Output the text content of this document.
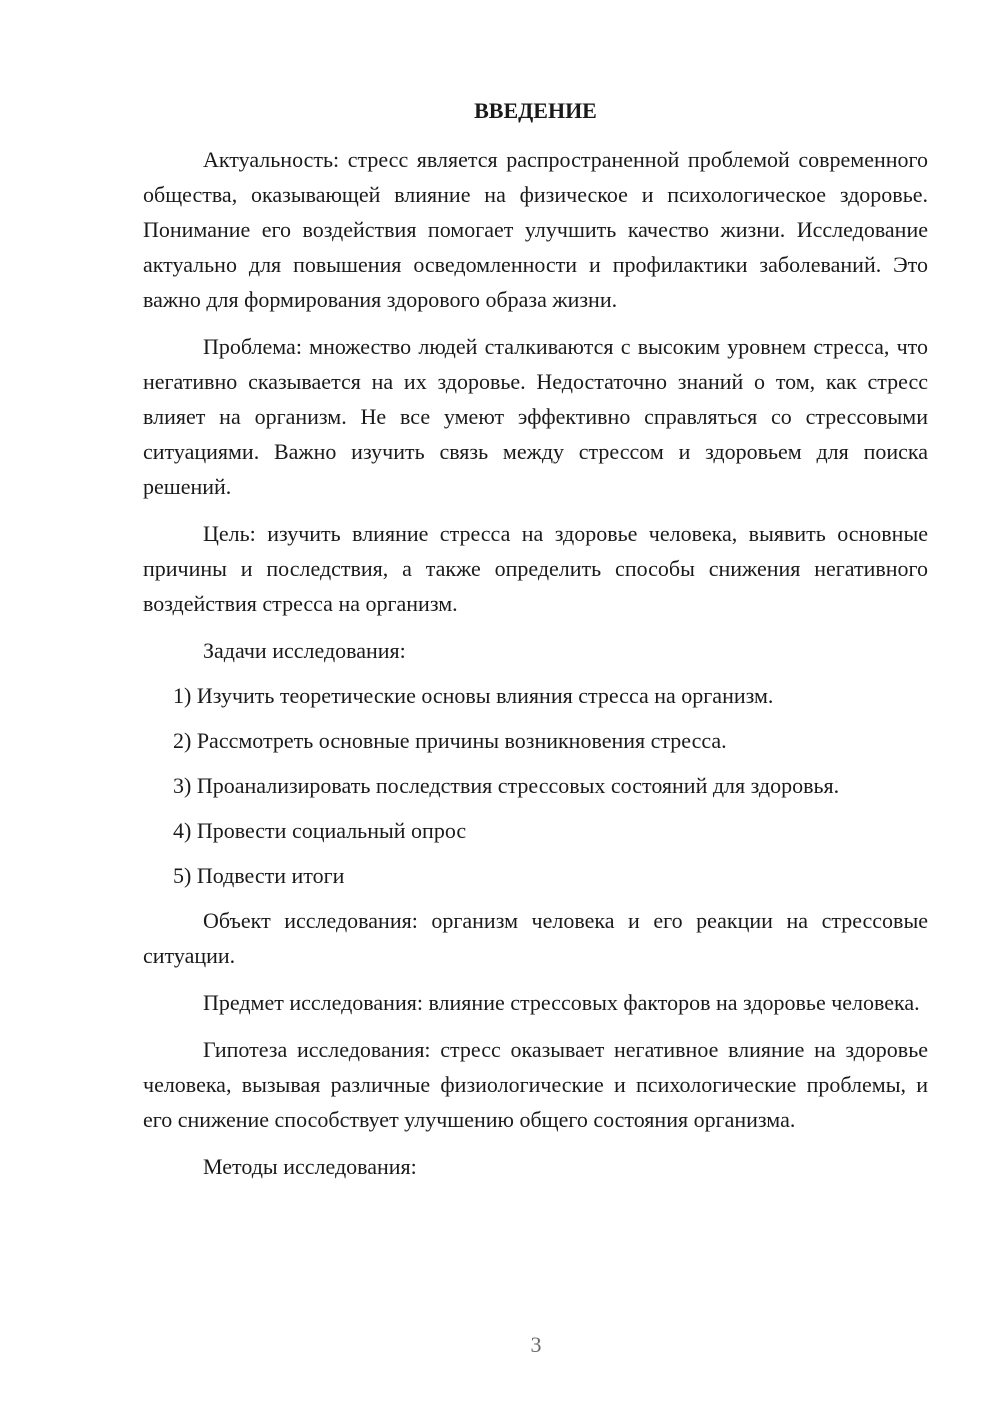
ВВЕДЕНИЕ

Актуальность: стресс является распространенной проблемой современного общества, оказывающей влияние на физическое и психологическое здоровье. Понимание его воздействия помогает улучшить качество жизни. Исследование актуально для повышения осведомленности и профилактики заболеваний. Это важно для формирования здорового образа жизни.

Проблема: множество людей сталкиваются с высоким уровнем стресса, что негативно сказывается на их здоровье. Недостаточно знаний о том, как стресс влияет на организм. Не все умеют эффективно справляться со стрессовыми ситуациями. Важно изучить связь между стрессом и здоровьем для поиска решений.

Цель: изучить влияние стресса на здоровье человека, выявить основные причины и последствия, а также определить способы снижения негативного воздействия стресса на организм.

Задачи исследования:

1) Изучить теоретические основы влияния стресса на организм.
2) Рассмотреть основные причины возникновения стресса.
3) Проанализировать последствия стрессовых состояний для здоровья.
4) Провести социальный опрос
5) Подвести итоги

Объект исследования: организм человека и его реакции на стрессовые ситуации.

Предмет исследования: влияние стрессовых факторов на здоровье человека.

Гипотеза исследования: стресс оказывает негативное влияние на здоровье человека, вызывая различные физиологические и психологические проблемы, и его снижение способствует улучшению общего состояния организма.

Методы исследования:

3
